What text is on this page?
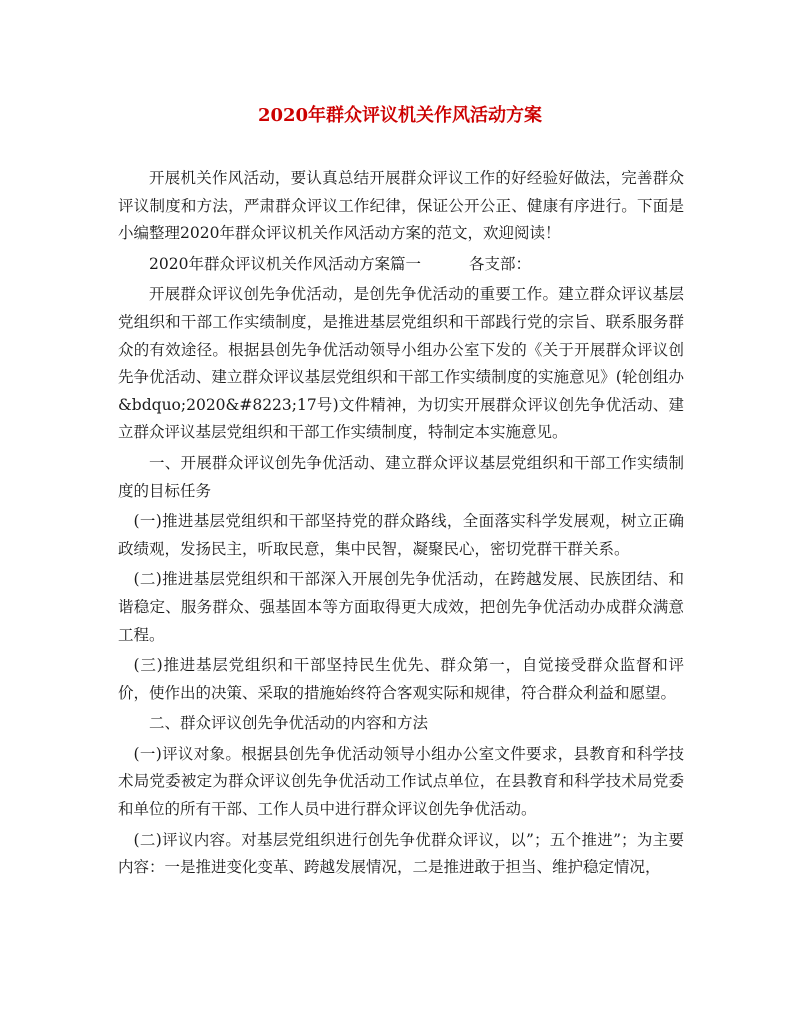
2020年群众评议机关作风活动方案

开展机关作风活动，要认真总结开展群众评议工作的好经验好做法，完善群众评议制度和方法，严肃群众评议工作纪律，保证公开公正、健康有序进行。下面是小编整理2020年群众评议机关作风活动方案的范文，欢迎阅读！

2020年群众评议机关作风活动方案篇一	各支部：

开展群众评议创先争优活动，是创先争优活动的重要工作。建立群众评议基层党组织和干部工作实绩制度，是推进基层党组织和干部践行党的宗旨、联系服务群众的有效途径。根据县创先争优活动领导小组办公室下发的《关于开展群众评议创先争优活动、建立群众评议基层党组织和干部工作实绩制度的实施意见》(轮创组办&bdquo;2020&#8223;17号)文件精神，为切实开展群众评议创先争优活动、建立群众评议基层党组织和干部工作实绩制度，特制定本实施意见。

一、开展群众评议创先争优活动、建立群众评议基层党组织和干部工作实绩制度的目标任务

(一)推进基层党组织和干部坚持党的群众路线，全面落实科学发展观，树立正确政绩观，发扬民主，听取民意，集中民智，凝聚民心，密切党群干群关系。

(二)推进基层党组织和干部深入开展创先争优活动，在跨越发展、民族团结、和谐稳定、服务群众、强基固本等方面取得更大成效，把创先争优活动办成群众满意工程。

(三)推进基层党组织和干部坚持民生优先、群众第一，自觉接受群众监督和评价，使作出的决策、采取的措施始终符合客观实际和规律，符合群众利益和愿望。

二、群众评议创先争优活动的内容和方法

(一)评议对象。根据县创先争优活动领导小组办公室文件要求，县教育和科学技术局党委被定为群众评议创先争优活动工作试点单位，在县教育和科学技术局党委和单位的所有干部、工作人员中进行群众评议创先争优活动。

(二)评议内容。对基层党组织进行创先争优群众评议，以”；五个推进”；为主要内容：一是推进变化变革、跨越发展情况，二是推进敢于担当、维护稳定情况，
